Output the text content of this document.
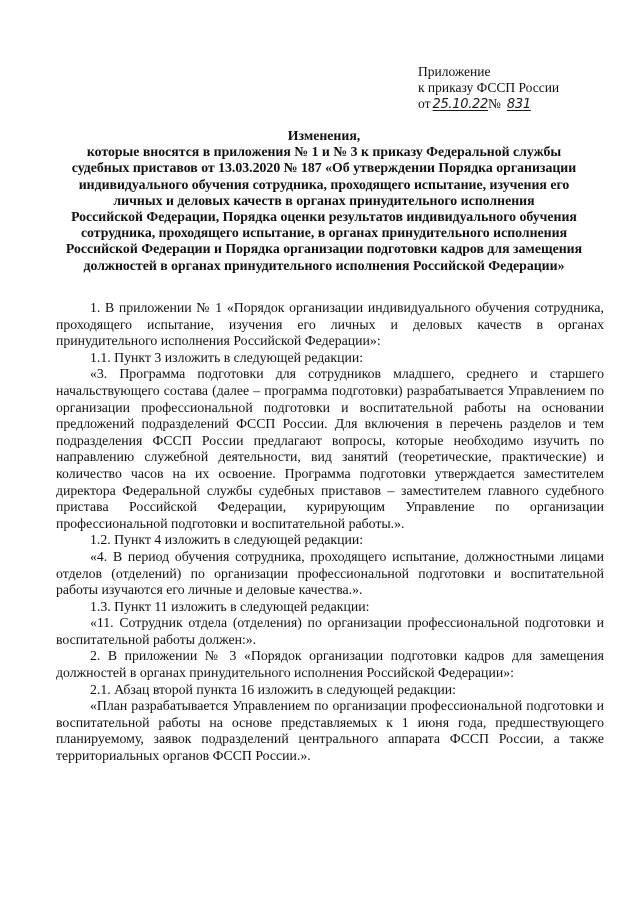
Приложение
к приказу ФССП России
от 25.10.22№ 831
Изменения,
которые вносятся в приложения № 1 и № 3 к приказу Федеральной службы
судебных приставов от 13.03.2020 № 187 «Об утверждении Порядка организации
индивидуального обучения сотрудника, проходящего испытание, изучения его
личных и деловых качеств в органах принудительного исполнения
Российской Федерации, Порядка оценки результатов индивидуального обучения
сотрудника, проходящего испытание, в органах принудительного исполнения
Российской Федерации и Порядка организации подготовки кадров для замещения
должностей в органах принудительного исполнения Российской Федерации»

1. В приложении № 1 «Порядок организации индивидуального обучения сотрудника, проходящего испытание, изучения его личных и деловых качеств в органах принудительного исполнения Российской Федерации»:

1.1. Пункт 3 изложить в следующей редакции:

«3. Программа подготовки для сотрудников младшего, среднего и старшего начальствующего состава (далее – программа подготовки) разрабатывается Управлением по организации профессиональной подготовки и воспитательной работы на основании предложений подразделений ФССП России. Для включения в перечень разделов и тем подразделения ФССП России предлагают вопросы, которые необходимо изучить по направлению служебной деятельности, вид занятий (теоретические, практические) и количество часов на их освоение. Программа подготовки утверждается заместителем директора Федеральной службы судебных приставов – заместителем главного судебного пристава Российской Федерации, курирующим Управление по организации профессиональной подготовки и воспитательной работы.».

1.2. Пункт 4 изложить в следующей редакции:

«4. В период обучения сотрудника, проходящего испытание, должностными лицами отделов (отделений) по организации профессиональной подготовки и воспитательной работы изучаются его личные и деловые качества.».

1.3. Пункт 11 изложить в следующей редакции:

«11. Сотрудник отдела (отделения) по организации профессиональной подготовки и воспитательной работы должен:».

2. В приложении № 3 «Порядок организации подготовки кадров для замещения должностей в органах принудительного исполнения Российской Федерации»:

2.1. Абзац второй пункта 16 изложить в следующей редакции:

«План разрабатывается Управлением по организации профессиональной подготовки и воспитательной работы на основе представляемых к 1 июня года, предшествующего планируемому, заявок подразделений центрального аппарата ФССП России, а также территориальных органов ФССП России.».
